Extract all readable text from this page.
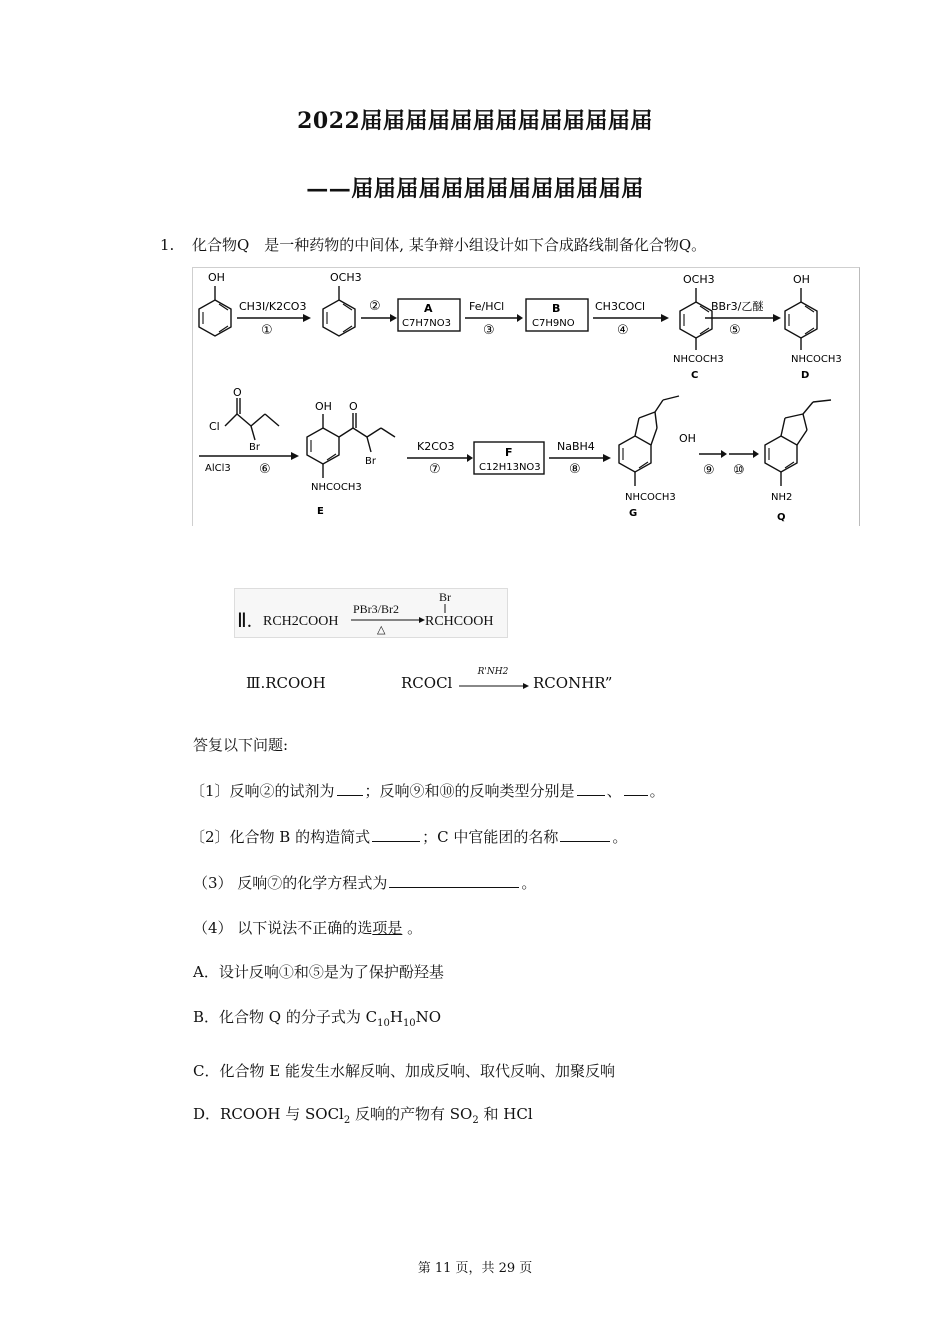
2022届届届届届届届届届届届届届
——届届届届届届届届届届届届届
1. 化合物Q　是一种药物的中间体, 某争辩小组设计如下合成路线制备化合物Q。
OH
CH3I/K2CO3
①
OCH3
②	A
C7H7NO3
Fe/HCl
③
B
C7H9NO
CH3COCl
④
OCH3
NHCOCH3
C
BBr3/乙醚
⑤
OH
NHCOCH3
D
Cl
O
Br
AlCl3 ⑥
OH O
Br
NHCOCH3
E
K2CO3
⑦
F
C12H13NO3
NaBH4
⑧
OH
NHCOCH3
G
⑨ ⑩
NH2
Q
Ⅱ. RCH2COOH
PBr3/Br2
△
Br
RCHCOOH
Ⅲ.RCOOH	RCOCl
R'NH2
RCONHR”
答复以下问题:
〔1〕反响②的试剂为 ；反响⑨和⑩的反响类型分别是 、 。
〔2〕化合物 B 的构造简式	；C 中官能团的名称	。
（3） 反响⑦的化学方程式为	。
（4） 以下说法不正确的选项是 。
A．设计反响①和⑤是为了保护酚羟基
B．化合物 Q 的分子式为 $C_{10}H_{10}NO$
C．化合物 E 能发生水解反响、加成反响、取代反响、加聚反响
D．RCOOH 与 SOCl$_2$ 反响的产物有 $SO_2$ 和 HCl
第 11 页，共 29 页
